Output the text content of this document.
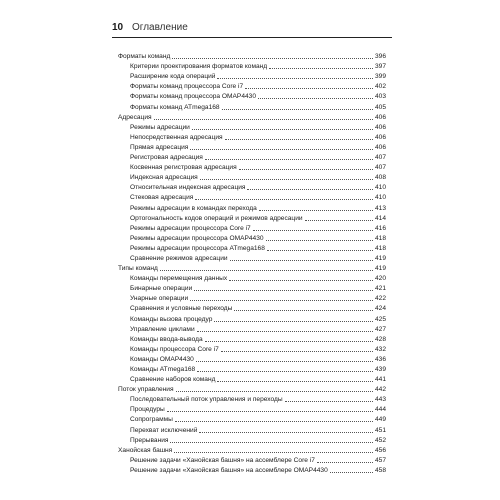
10 Оглавление
Форматы команд	396
Критерии проектирования форматов команд	397
Расширение кода операций	399
Форматы команд процессора Core i7	402
Форматы команд процессора OMAP4430	403
Форматы команд ATmega168	405
Адресация	406
Режимы адресации	406
Непосредственная адресация	406
Прямая адресация	406
Регистровая адресация	407
Косвенная регистровая адресация	407
Индексная адресация	408
Относительная индексная адресация	410
Стековая адресация	410
Режимы адресации в командах перехода	413
Ортогональность кодов операций и режимов адресации	414
Режимы адресации процессора Core i7	416
Режимы адресации процессора OMAP4430	418
Режимы адресации процессора ATmega168	418
Сравнение режимов адресации	419
Типы команд	419
Команды перемещения данных	420
Бинарные операции	421
Унарные операции	422
Сравнения и условные переходы	424
Команды вызова процедур	425
Управление циклами	427
Команды ввода-вывода	428
Команды процессора Core i7	432
Команды OMAP4430	436
Команды ATmega168	439
Сравнение наборов команд	441
Поток управления	442
Последовательный поток управления и переходы	443
Процедуры	444
Сопрограммы	449
Перехват исключений	451
Прерывания	452
Ханойская башня	456
Решение задачи «Ханойская башня» на ассемблере Core i7	457
Решение задачи «Ханойская башня» на ассемблере OMAP4430	458
